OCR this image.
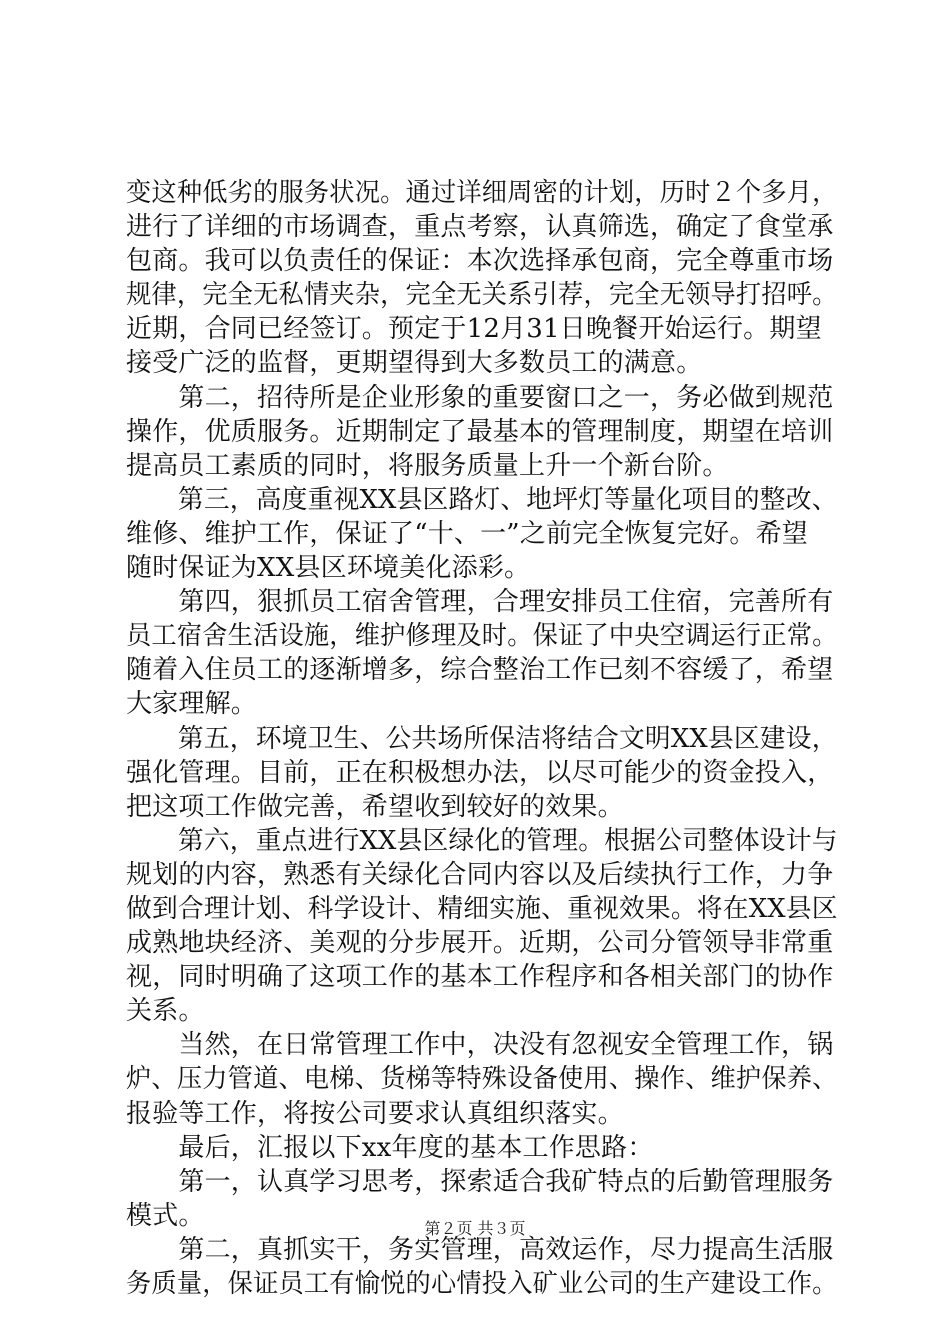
变这种低劣的服务状况。通过详细周密的计划，历时２个多月，
进行了详细的市场调查，重点考察，认真筛选，确定了食堂承
包商。我可以负责任的保证：本次选择承包商，完全尊重市场
规律，完全无私情夹杂，完全无关系引荐，完全无领导打招呼。
近期，合同已经签订。预定于12月31日晚餐开始运行。期望
接受广泛的监督，更期望得到大多数员工的满意。
　　第二，招待所是企业形象的重要窗口之一，务必做到规范
操作，优质服务。近期制定了最基本的管理制度，期望在培训
提高员工素质的同时，将服务质量上升一个新台阶。
　　第三，高度重视XX县区路灯、地坪灯等量化项目的整改、
维修、维护工作，保证了“十、一”之前完全恢复完好。希望
随时保证为XX县区环境美化添彩。
　　第四，狠抓员工宿舍管理，合理安排员工住宿，完善所有
员工宿舍生活设施，维护修理及时。保证了中央空调运行正常。
随着入住员工的逐渐增多，综合整治工作已刻不容缓了，希望
大家理解。
　　第五，环境卫生、公共场所保洁将结合文明XX县区建设，
强化管理。目前，正在积极想办法，以尽可能少的资金投入，
把这项工作做完善，希望收到较好的效果。
　　第六，重点进行XX县区绿化的管理。根据公司整体设计与
规划的内容，熟悉有关绿化合同内容以及后续执行工作，力争
做到合理计划、科学设计、精细实施、重视效果。将在XX县区
成熟地块经济、美观的分步展开。近期，公司分管领导非常重
视，同时明确了这项工作的基本工作程序和各相关部门的协作
关系。
　　当然，在日常管理工作中，决没有忽视安全管理工作，锅
炉、压力管道、电梯、货梯等特殊设备使用、操作、维护保养、
报验等工作，将按公司要求认真组织落实。
　　最后，汇报以下xx年度的基本工作思路：
　　第一，认真学习思考，探索适合我矿特点的后勤管理服务
模式。
　　第二，真抓实干，务实管理，高效运作，尽力提高生活服
务质量，保证员工有愉悦的心情投入矿业公司的生产建设工作。
第２页 共３页
